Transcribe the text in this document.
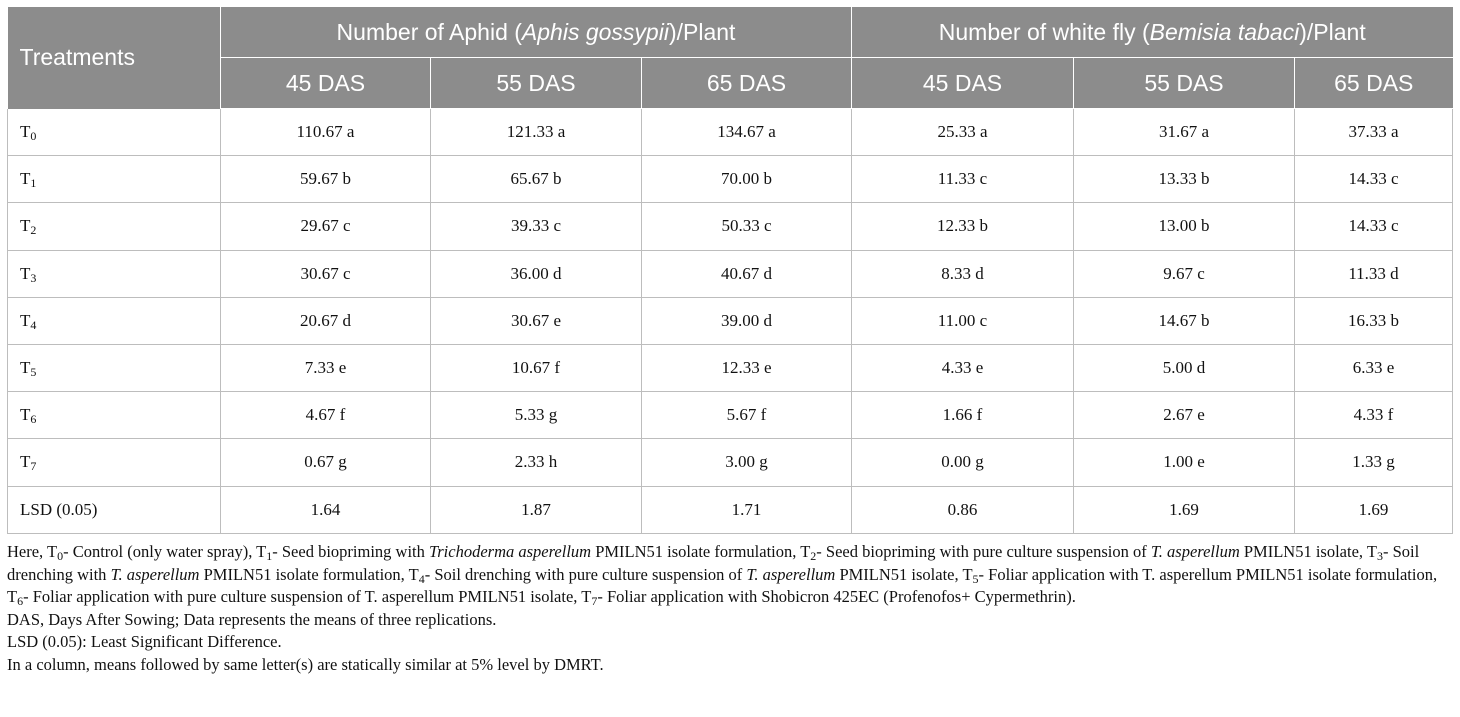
Treatments	Number of Aphid (Aphis gossypii)/Plant			Number of white fly (Bemisia tabaci)/Plant		
	45 DAS	55 DAS	65 DAS	45 DAS	55 DAS	65 DAS
$T_0$	110.67 a	121.33 a	134.67 a	25.33 a	31.67 a	37.33 a
$T_1$	59.67 b	65.67 b	70.00 b	11.33 c	13.33 b	14.33 c
$T_2$	29.67 c	39.33 c	50.33 c	12.33 b	13.00 b	14.33 c
$T_3$	30.67 c	36.00 d	40.67 d	8.33 d	9.67 c	11.33 d
$T_4$	20.67 d	30.67 e	39.00 d	11.00 c	14.67 b	16.33 b
$T_5$	7.33 e	10.67 f	12.33 e	4.33 e	5.00 d	6.33 e
$T_6$	4.67 f	5.33 g	5.67 f	1.66 f	2.67 e	4.33 f
$T_7$	0.67 g	2.33 h	3.00 g	0.00 g	1.00 e	1.33 g
LSD (0.05)	1.64	1.87	1.71	0.86	1.69	1.69

Here, $T_0-$ Control (only water spray), $T_1-$ Seed biopriming with Trichoderma asperellum PMILN51 isolate formulation, $T_2-$ Seed biopriming with pure culture suspension of T. asperellum PMILN51 isolate, $T_3-$ Soil drenching with T. asperellum PMILN51 isolate formulation, $T_4-$ Soil drenching with pure culture suspension of T. asperellum PMILN51 isolate, $T_5-$ Foliar application with T. asperellum PMILN51 isolate formulation, $T_6-$ Foliar application with pure culture suspension of T. asperellum PMILN51 isolate, $T_7-$ Foliar application with Shobicron 425EC (Profenofos+ Cypermethrin).

DAS, Days After Sowing; Data represents the means of three replications.

LSD (0.05): Least Significant Difference.

In a column, means followed by same letter(s) are statically similar at 5% level by DMRT.
